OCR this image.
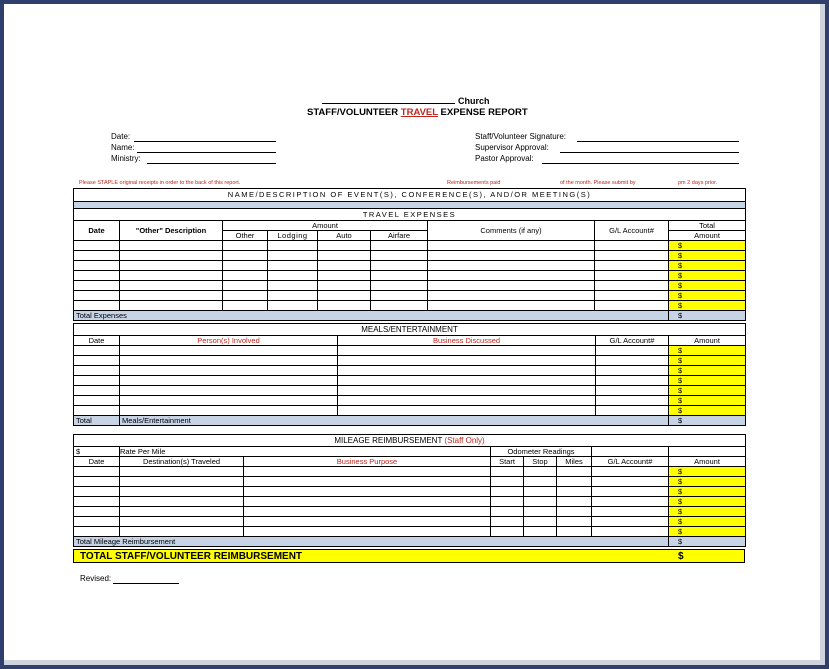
Church
STAFF/VOLUNTEER TRAVEL EXPENSE REPORT
Date:
Name:
Ministry:
Staff/Volunteer Signature:
Supervisor Approval:
Pastor Approval:
Please STAPLE original receipts in order to the back of this report.	Reimbursements paid	of the month. Please submit by	pm 2 days prior.
NAME/DESCRIPTION OF EVENT(S), CONFERENCE(S), AND/OR MEETING(S)								

TRAVEL EXPENSES								
Date	"Other" Description	Amount				Comments (if any)	G/L Account#	Total
		Other	Lodging	Auto	Airfare			Amount
								$
								$
								$
								$
								$
								$
								$
Total Expenses								$
MEALS/ENTERTAINMENT				
Date	Person(s) Involved	Business Discussed	G/L Account#	Amount
				$
				$
				$
				$
				$
				$
				$
Total	Meals/Entertainment			$
MILEAGE REIMBURSEMENT (Staff Only)							
$	Rate Per Mile		Odometer Readings				
Date	Destination(s) Traveled	Business Purpose	Start	Stop	Miles	G/L Account#	Amount
							$
							$
							$
							$
							$
							$
							$
Total Mileage Reimbursement							$
TOTAL STAFF/VOLUNTEER REIMBURSEMENT	$
Revised:
